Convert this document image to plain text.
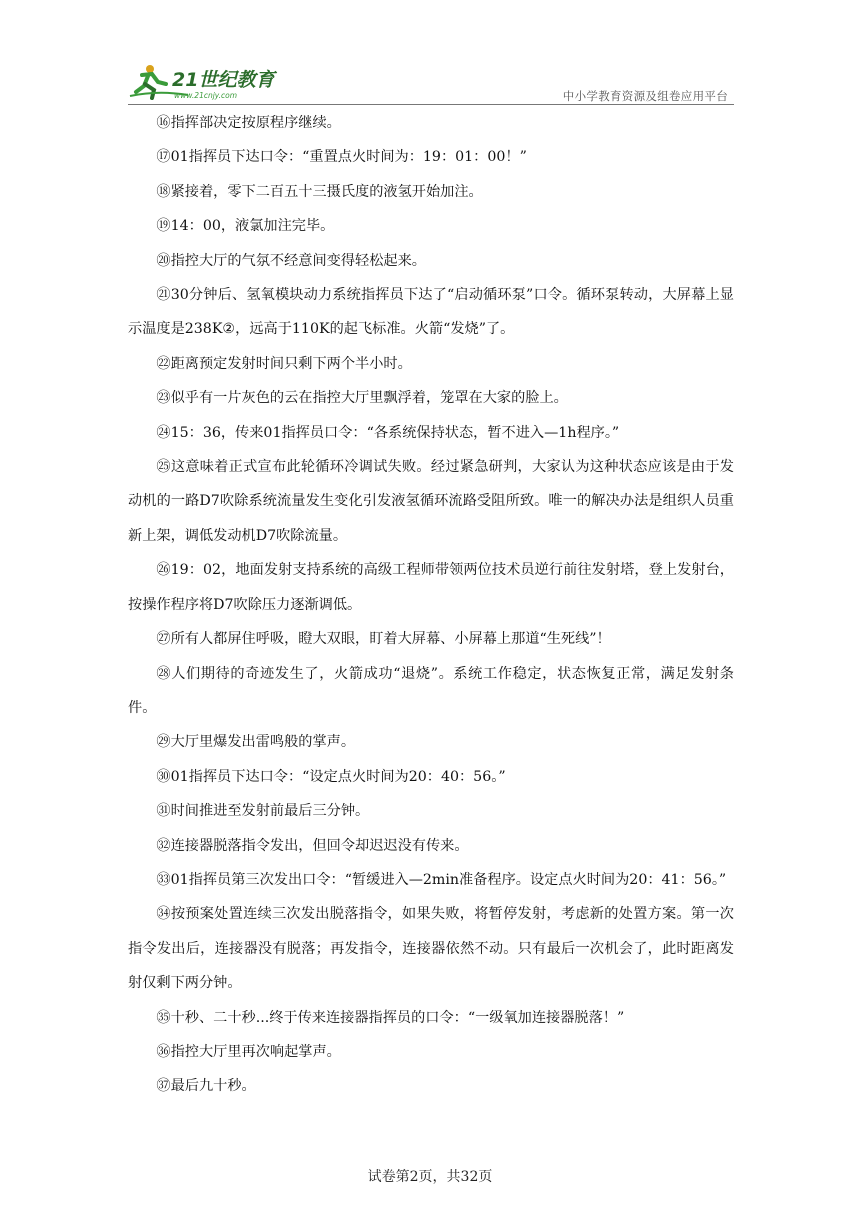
21世纪教育
www.21cnjy.com	中小学教育资源及组卷应用平台

⑯指挥部决定按原程序继续。

⑰01指挥员下达口令：“重置点火时间为：19：01：00！”

⑱紧接着，零下二百五十三摄氏度的液氢开始加注。

⑲14：00，液氯加注完毕。

⑳指控大厅的气氛不经意间变得轻松起来。

㉑30分钟后、氢氧模块动力系统指挥员下达了“启动循环泵”口令。循环泵转动，大屏幕上显示温度是238K②，远高于110K的起飞标准。火箭“发烧”了。

㉒距离预定发射时间只剩下两个半小时。

㉓似乎有一片灰色的云在指控大厅里飘浮着，笼罩在大家的脸上。

㉔15：36，传来01指挥员口令：“各系统保持状态，暂不进入—1h程序。”

㉕这意味着正式宣布此轮循环冷调试失败。经过紧急研判，大家认为这种状态应该是由于发动机的一路D7吹除系统流量发生变化引发液氢循环流路受阻所致。唯一的解决办法是组织人员重新上架，调低发动机D7吹除流量。

㉖19：02，地面发射支持系统的高级工程师带领两位技术员逆行前往发射塔，登上发射台，按操作程序将D7吹除压力逐渐调低。

㉗所有人都屏住呼吸，瞪大双眼，盯着大屏幕、小屏幕上那道“生死线”！

㉘人们期待的奇迹发生了，火箭成功“退烧”。系统工作稳定，状态恢复正常，满足发射条件。

㉙大厅里爆发出雷鸣般的掌声。

㉚01指挥员下达口令：“设定点火时间为20：40：56。”

㉛时间推进至发射前最后三分钟。

㉜连接器脱落指令发出，但回令却迟迟没有传来。

㉝01指挥员第三次发出口令：“暂缓进入—2min准备程序。设定点火时间为20：41：56。”

㉞按预案处置连续三次发出脱落指令，如果失败，将暂停发射，考虑新的处置方案。第一次指令发出后，连接器没有脱落；再发指令，连接器依然不动。只有最后一次机会了，此时距离发射仅剩下两分钟。

㉟十秒、二十秒...终于传来连接器指挥员的口令：“一级氧加连接器脱落！”

㊱指控大厅里再次响起掌声。

㊲最后九十秒。

试卷第2页，共32页
